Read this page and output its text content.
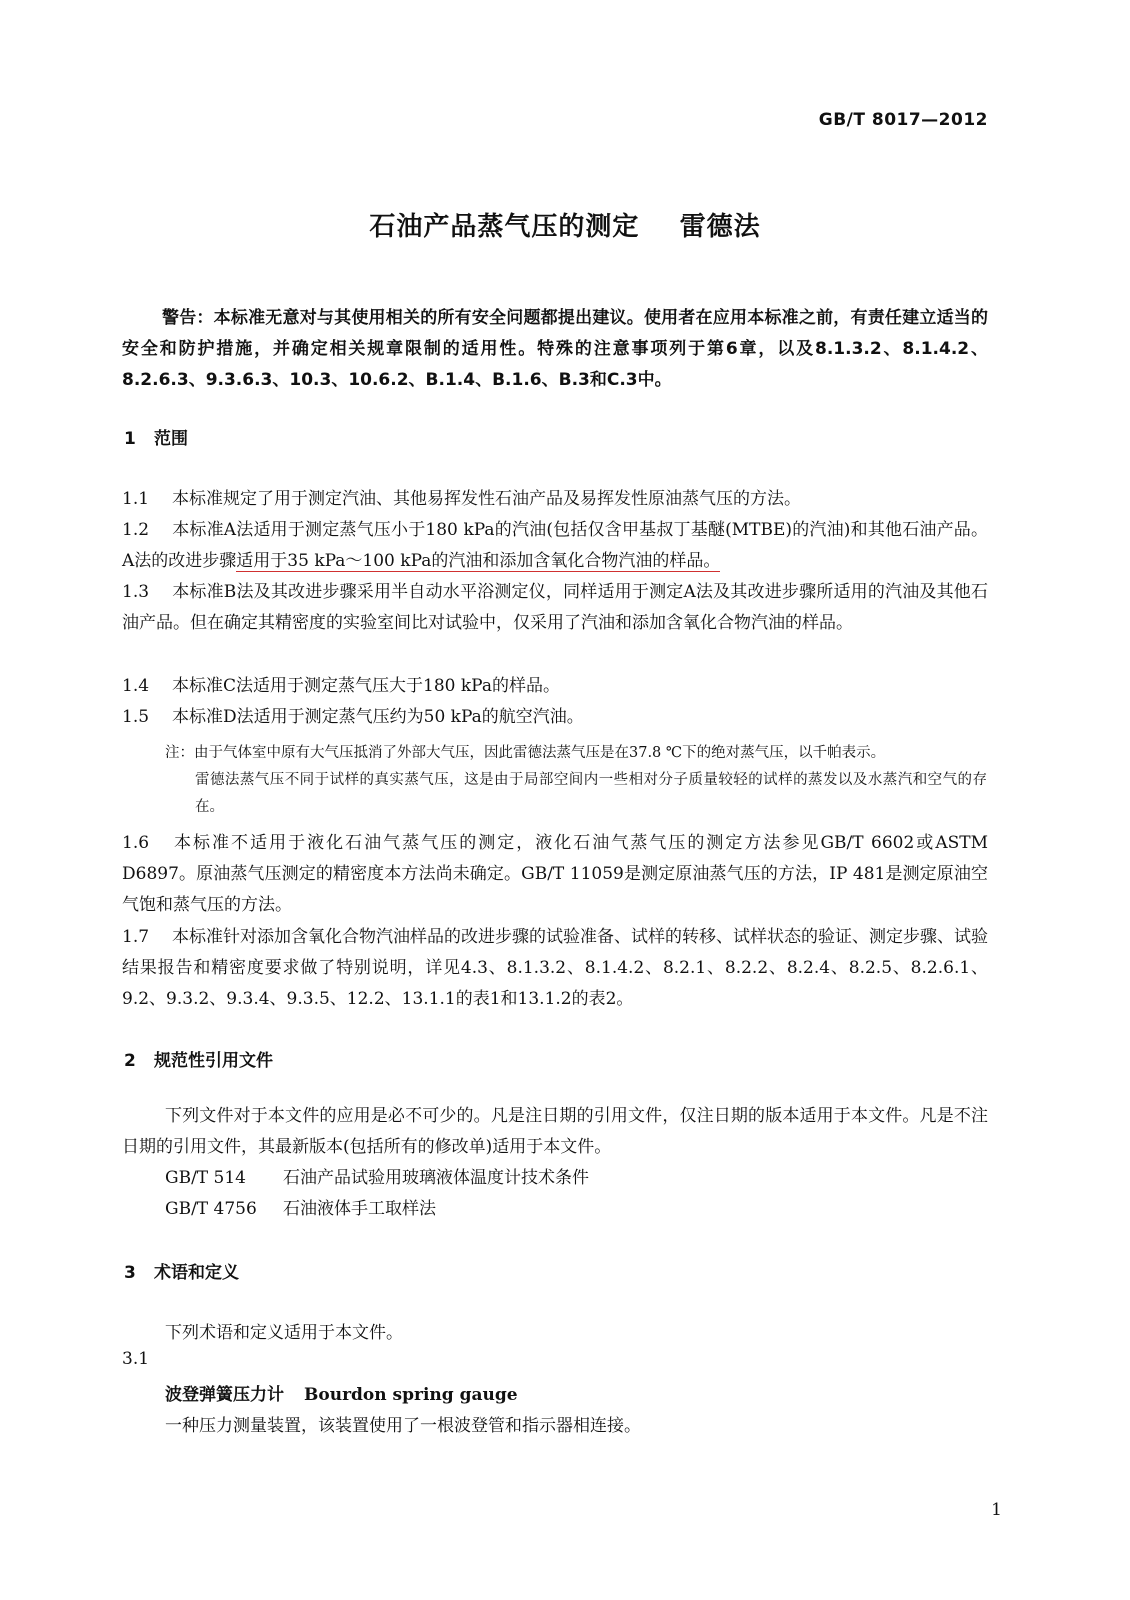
GB/T 8017—2012
石油产品蒸气压的测定    雷德法
警告：本标准无意对与其使用相关的所有安全问题都提出建议。使用者在应用本标准之前，有责任建立适当的安全和防护措施，并确定相关规章限制的适用性。特殊的注意事项列于第6章，以及8.1.3.2、8.1.4.2、8.2.6.3、9.3.6.3、10.3、10.6.2、B.1.4、B.1.6、B.3和C.3中。
1 范围
1.1 本标准规定了用于测定汽油、其他易挥发性石油产品及易挥发性原油蒸气压的方法。
1.2 本标准A法适用于测定蒸气压小于180 kPa的汽油(包括仅含甲基叔丁基醚(MTBE)的汽油)和其他石油产品。A法的改进步骤适用于35 kPa～100 kPa的汽油和添加含氧化合物汽油的样品。
1.3 本标准B法及其改进步骤采用半自动水平浴测定仪，同样适用于测定A法及其改进步骤所适用的汽油及其他石油产品。但在确定其精密度的实验室间比对试验中，仅采用了汽油和添加含氧化合物汽油的样品。
1.4 本标准C法适用于测定蒸气压大于180 kPa的样品。
1.5 本标准D法适用于测定蒸气压约为50 kPa的航空汽油。
注：由于气体室中原有大气压抵消了外部大气压，因此雷德法蒸气压是在37.8 ℃下的绝对蒸气压，以千帕表示。
雷德法蒸气压不同于试样的真实蒸气压，这是由于局部空间内一些相对分子质量较轻的试样的蒸发以及水蒸汽和空气的存在。
1.6 本标准不适用于液化石油气蒸气压的测定，液化石油气蒸气压的测定方法参见GB/T 6602或ASTM D6897。原油蒸气压测定的精密度本方法尚未确定。GB/T 11059是测定原油蒸气压的方法，IP 481是测定原油空气饱和蒸气压的方法。
1.7 本标准针对添加含氧化合物汽油样品的改进步骤的试验准备、试样的转移、试样状态的验证、测定步骤、试验结果报告和精密度要求做了特别说明，详见4.3、8.1.3.2、8.1.4.2、8.2.1、8.2.2、8.2.4、8.2.5、8.2.6.1、9.2、9.3.2、9.3.4、9.3.5、12.2、13.1.1的表1和13.1.2的表2。
2 规范性引用文件
下列文件对于本文件的应用是必不可少的。凡是注日期的引用文件，仅注日期的版本适用于本文件。凡是不注日期的引用文件，其最新版本(包括所有的修改单)适用于本文件。
GB/T 514 石油产品试验用玻璃液体温度计技术条件
GB/T 4756 石油液体手工取样法
3 术语和定义
下列术语和定义适用于本文件。
3.1
波登弹簧压力计 Bourdon spring gauge
一种压力测量装置，该装置使用了一根波登管和指示器相连接。
1
